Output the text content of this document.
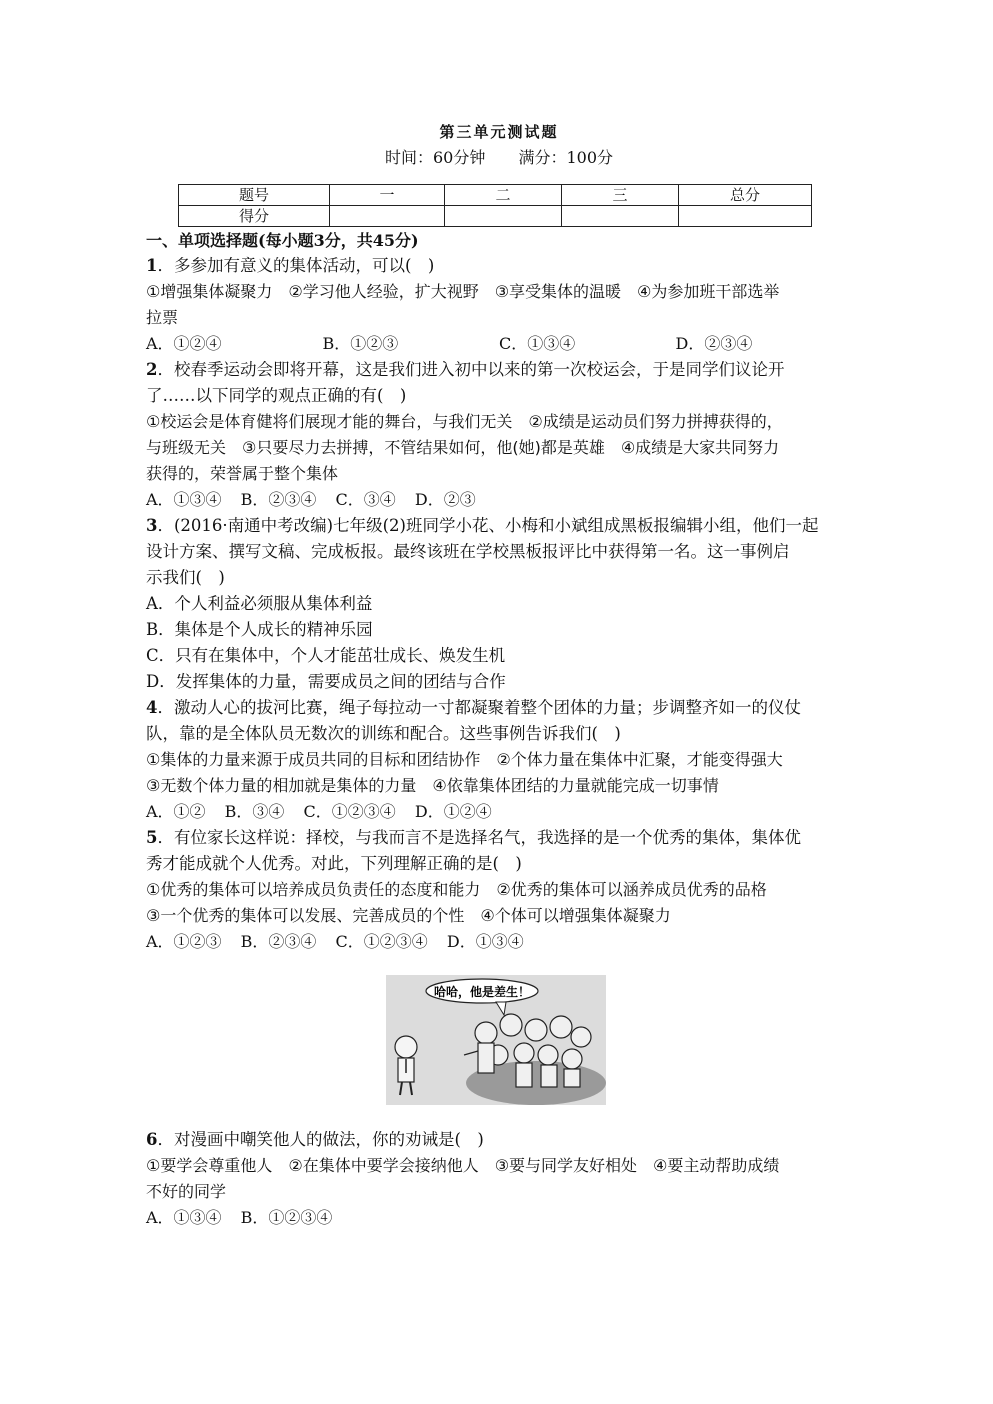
第三单元测试题
时间：60分钟 满分：100分
题号	一	二	三	总分
得分				
一、单项选择题(每小题3分，共45分)
1．多参加有意义的集体活动，可以(　)
①增强集体凝聚力　②学习他人经验，扩大视野　③享受集体的温暖　④为参加班干部选举
拉票
A．①②④	B．①②③	C．①③④	D．②③④
2．校春季运动会即将开幕，这是我们进入初中以来的第一次校运会，于是同学们议论开
了……以下同学的观点正确的有(　)
①校运会是体育健将们展现才能的舞台，与我们无关　②成绩是运动员们努力拼搏获得的，
与班级无关　③只要尽力去拼搏，不管结果如何，他(她)都是英雄　④成绩是大家共同努力
获得的，荣誉属于整个集体
A．①③④ B．②③④ C．③④ D．②③
3．(2016·南通中考改编)七年级(2)班同学小花、小梅和小斌组成黑板报编辑小组，他们一起
设计方案、撰写文稿、完成板报。最终该班在学校黑板报评比中获得第一名。这一事例启
示我们(　)
A．个人利益必须服从集体利益
B．集体是个人成长的精神乐园
C．只有在集体中，个人才能茁壮成长、焕发生机
D．发挥集体的力量，需要成员之间的团结与合作
4．激动人心的拔河比赛，绳子每拉动一寸都凝聚着整个团体的力量；步调整齐如一的仪仗
队，靠的是全体队员无数次的训练和配合。这些事例告诉我们(　)
①集体的力量来源于成员共同的目标和团结协作　②个体力量在集体中汇聚，才能变得强大
③无数个体力量的相加就是集体的力量　④依靠集体团结的力量就能完成一切事情
A．①② B．③④ C．①②③④ D．①②④
5．有位家长这样说：择校，与我而言不是选择名气，我选择的是一个优秀的集体，集体优
秀才能成就个人优秀。对此，下列理解正确的是(　)
①优秀的集体可以培养成员负责任的态度和能力　②优秀的集体可以涵养成员优秀的品格
③一个优秀的集体可以发展、完善成员的个性　④个体可以增强集体凝聚力
A．①②③ B．②③④ C．①②③④ D．①③④
哈哈，他是差生！
6．对漫画中嘲笑他人的做法，你的劝诫是(　)
①要学会尊重他人　②在集体中要学会接纳他人　③要与同学友好相处　④要主动帮助成绩
不好的同学
A．①③④ B．①②③④
